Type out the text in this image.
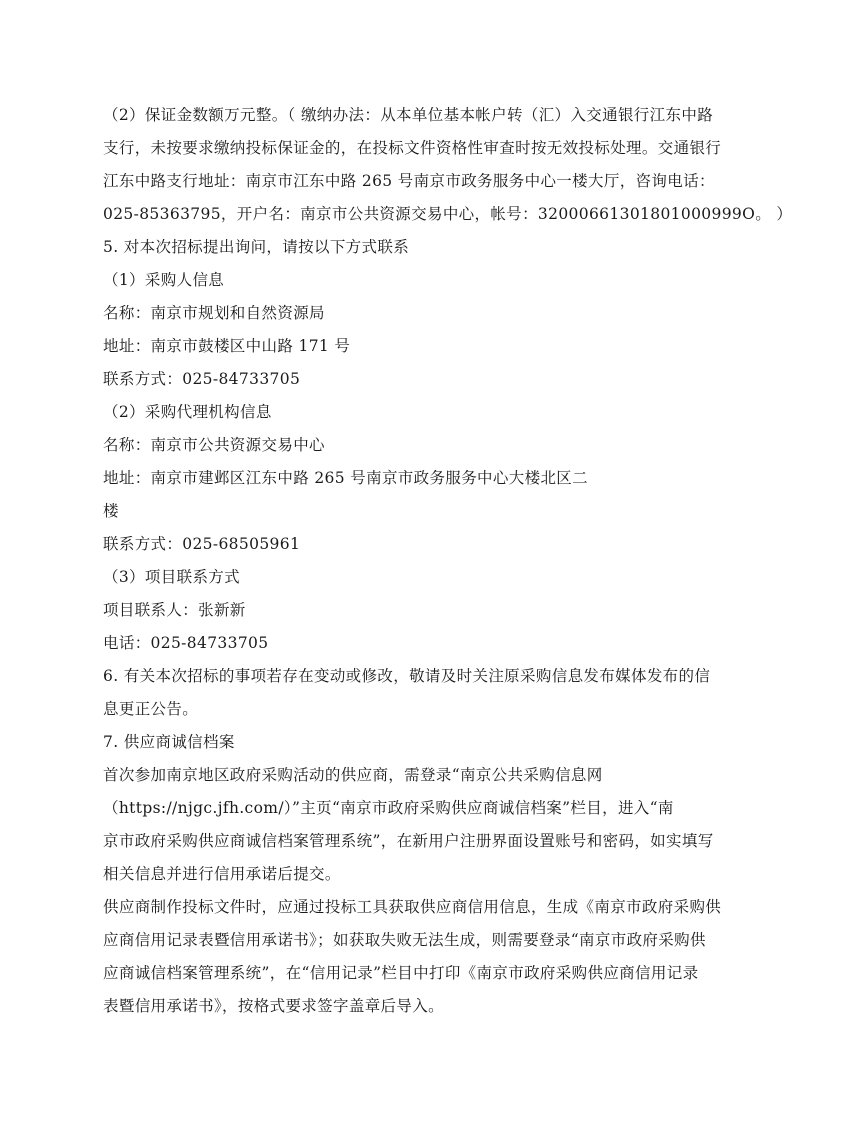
（2）保证金数额万元整。（ 缴纳办法：从本单位基本帐户转（汇）入交通银行江东中路
支行，未按要求缴纳投标保证金的，在投标文件资格性审查时按无效投标处理。交通银行
江东中路支行地址：南京市江东中路 265 号南京市政务服务中心一楼大厅，咨询电话：
025-85363795，开户名：南京市公共资源交易中心，帐号：32000661301801000999O。 ）
5. 对本次招标提出询问，请按以下方式联系
（1）采购人信息
名称：南京市规划和自然资源局
地址：南京市鼓楼区中山路 171 号
联系方式：025-84733705
（2）采购代理机构信息
名称：南京市公共资源交易中心
地址：南京市建邺区江东中路 265 号南京市政务服务中心大楼北区二
楼
联系方式：025-68505961
（3）项目联系方式
项目联系人：张新新
电话：025-84733705
6. 有关本次招标的事项若存在变动或修改，敬请及时关注原采购信息发布媒体发布的信
息更正公告。
7. 供应商诚信档案
首次参加南京地区政府采购活动的供应商，需登录“南京公共采购信息网
（https://njgc.jfh.com/）”主页“南京市政府采购供应商诚信档案”栏目，进入“南
京市政府采购供应商诚信档案管理系统”，在新用户注册界面设置账号和密码，如实填写
相关信息并进行信用承诺后提交。
供应商制作投标文件时，应通过投标工具获取供应商信用信息，生成《南京市政府采购供
应商信用记录表暨信用承诺书》；如获取失败无法生成，则需要登录“南京市政府采购供
应商诚信档案管理系统”，在“信用记录”栏目中打印《南京市政府采购供应商信用记录
表暨信用承诺书》，按格式要求签字盖章后导入。
